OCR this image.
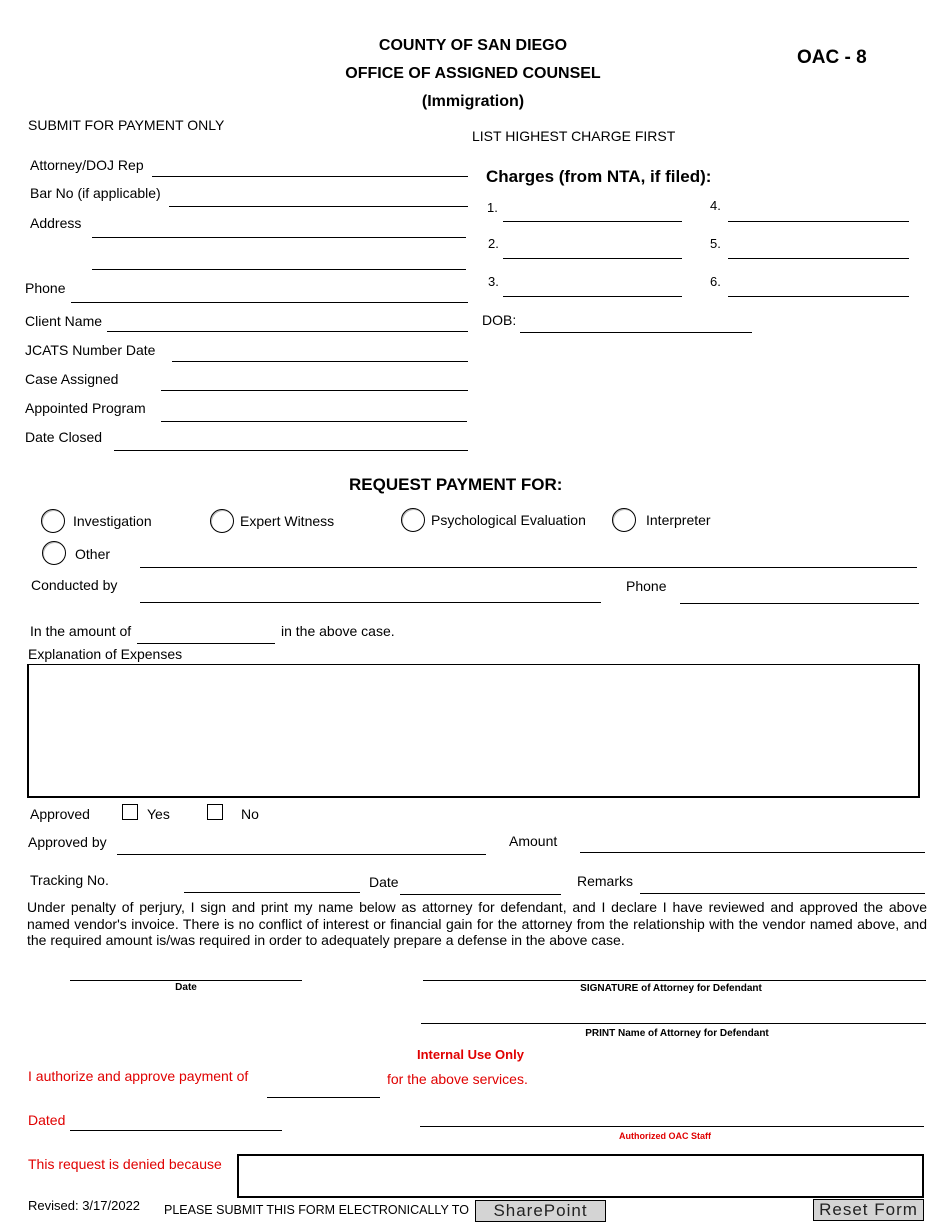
COUNTY OF SAN DIEGO
OFFICE OF ASSIGNED COUNSEL
(Immigration)
OAC - 8
SUBMIT FOR PAYMENT ONLY
LIST HIGHEST CHARGE FIRST
Attorney/DOJ Rep
Bar No (if applicable)
Address
Phone
Client Name
JCATS Number Date
Case Assigned
Appointed Program
Date Closed
Charges (from NTA, if filed):
1.
2.
3.
4.
5.
6.
DOB:
REQUEST PAYMENT FOR:
Investigation	Expert Witness	Psychological Evaluation	Interpreter
Other
Conducted by	Phone
In the amount of	in the above case.
Explanation of Expenses
Approved	Yes	No
Approved by	Amount
Tracking No.	Date	Remarks
Under penalty of perjury, I sign and print my name below as attorney for defendant, and I declare I have reviewed and approved the above named vendor's invoice. There is no conflict of interest or financial gain for the attorney from the relationship with the vendor named above, and the required amount is/was required in order to adequately prepare a defense in the above case.
Date	SIGNATURE of Attorney for Defendant
PRINT Name of Attorney for Defendant
Internal Use Only
I authorize and approve payment of	for the above services.
Dated
Authorized OAC Staff
This request is denied because
Revised: 3/17/2022 PLEASE SUBMIT THIS FORM ELECTRONICALLY TO	SharePoint	Reset Form
